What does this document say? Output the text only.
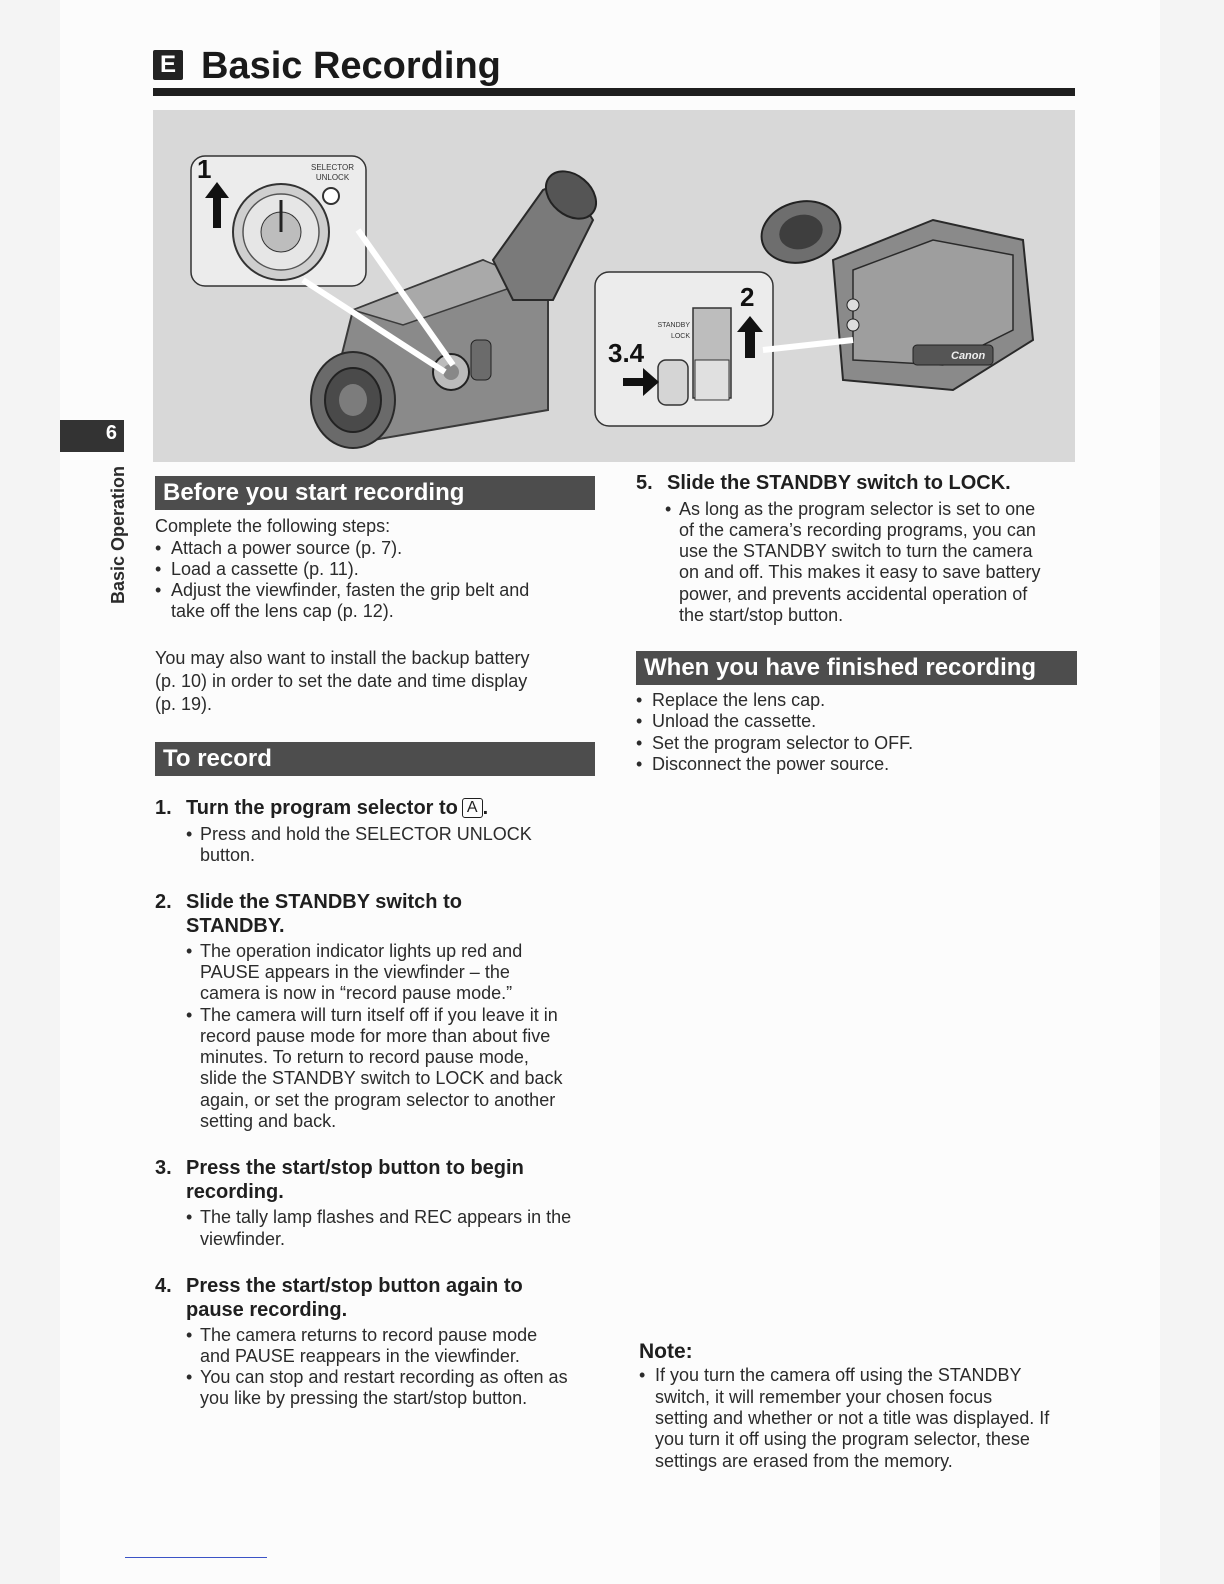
E Basic Recording
1	SELECTOR
UNLOCK
2
3.4
STANDBY
LOCK
Canon
6
Basic Operation	Before you start recording
Complete the following steps:
• Attach a power source (p. 7).
• Load a cassette (p. 11).
• Adjust the viewfinder, fasten the grip belt and
take off the lens cap (p. 12).
You may also want to install the backup battery
(p. 10) in order to set the date and time display
(p. 19).
To record
1. Turn the program selector to A .
• Press and hold the SELECTOR UNLOCK
button.
2. Slide the STANDBY switch to
STANDBY.
• The operation indicator lights up red and
PAUSE appears in the viewfinder – the
camera is now in “record pause mode.”
• The camera will turn itself off if you leave it in
record pause mode for more than about five
minutes. To return to record pause mode,
slide the STANDBY switch to LOCK and back
again, or set the program selector to another
setting and back.
3. Press the start/stop button to begin
recording.
• The tally lamp flashes and REC appears in the
viewfinder.
4. Press the start/stop button again to
pause recording.
• The camera returns to record pause mode
and PAUSE reappears in the viewfinder.
• You can stop and restart recording as often as
you like by pressing the start/stop button.
5. Slide the STANDBY switch to LOCK.
• As long as the program selector is set to one
of the camera’s recording programs, you can
use the STANDBY switch to turn the camera
on and off. This makes it easy to save battery
power, and prevents accidental operation of
the start/stop button.
When you have finished recording
• Replace the lens cap.
• Unload the cassette.
• Set the program selector to OFF.
• Disconnect the power source.
Note:
• If you turn the camera off using the STANDBY
switch, it will remember your chosen focus
setting and whether or not a title was displayed. If
you turn it off using the program selector, these
settings are erased from the memory.
